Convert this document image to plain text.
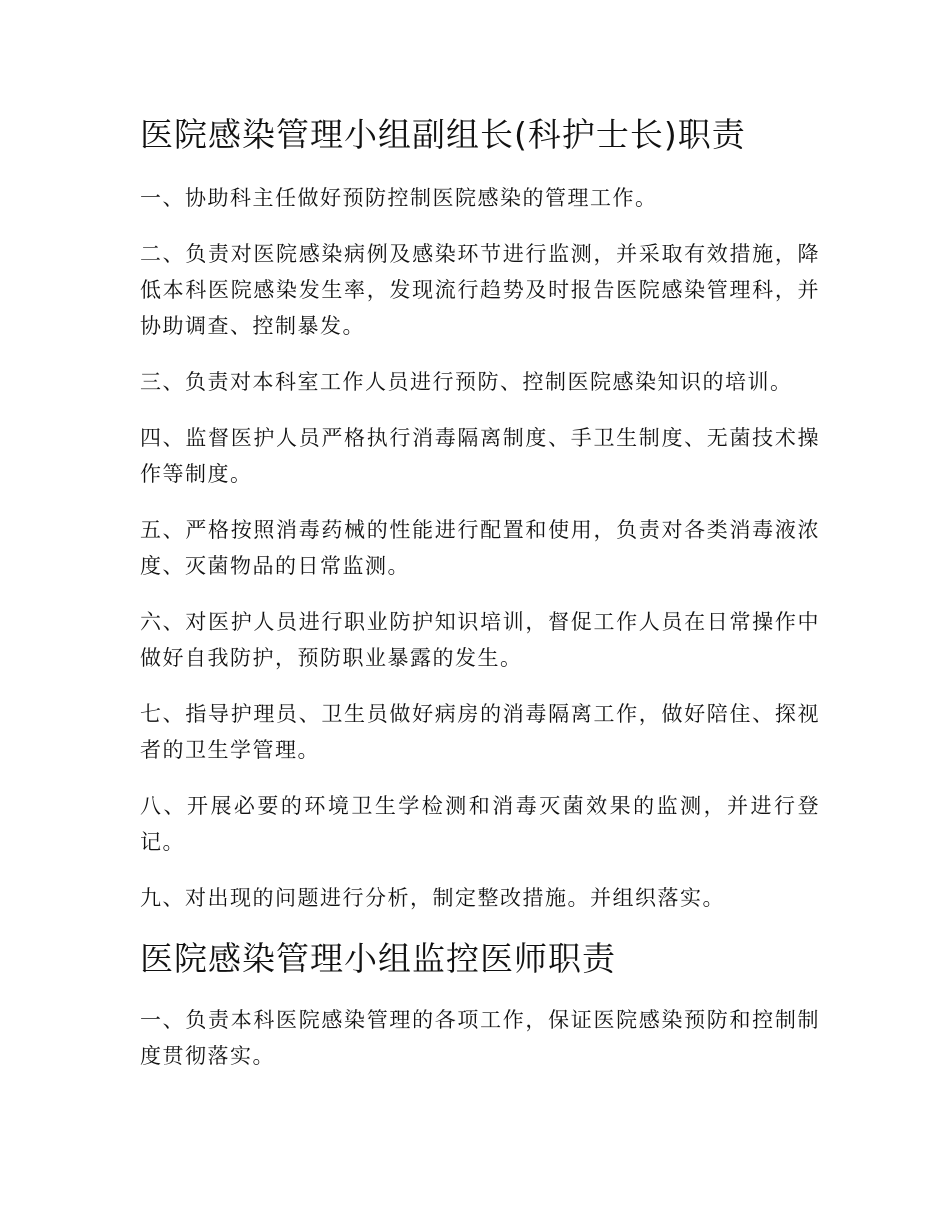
医院感染管理小组副组长(科护士长)职责

一、协助科主任做好预防控制医院感染的管理工作。

二、负责对医院感染病例及感染环节进行监测，并采取有效措施，降低本科医院感染发生率，发现流行趋势及时报告医院感染管理科，并协助调查、控制暴发。

三、负责对本科室工作人员进行预防、控制医院感染知识的培训。

四、监督医护人员严格执行消毒隔离制度、手卫生制度、无菌技术操作等制度。

五、严格按照消毒药械的性能进行配置和使用，负责对各类消毒液浓度、灭菌物品的日常监测。

六、对医护人员进行职业防护知识培训，督促工作人员在日常操作中做好自我防护，预防职业暴露的发生。

七、指导护理员、卫生员做好病房的消毒隔离工作，做好陪住、探视者的卫生学管理。

八、开展必要的环境卫生学检测和消毒灭菌效果的监测，并进行登记。

九、对出现的问题进行分析，制定整改措施。并组织落实。

医院感染管理小组监控医师职责

一、负责本科医院感染管理的各项工作，保证医院感染预防和控制制度贯彻落实。
